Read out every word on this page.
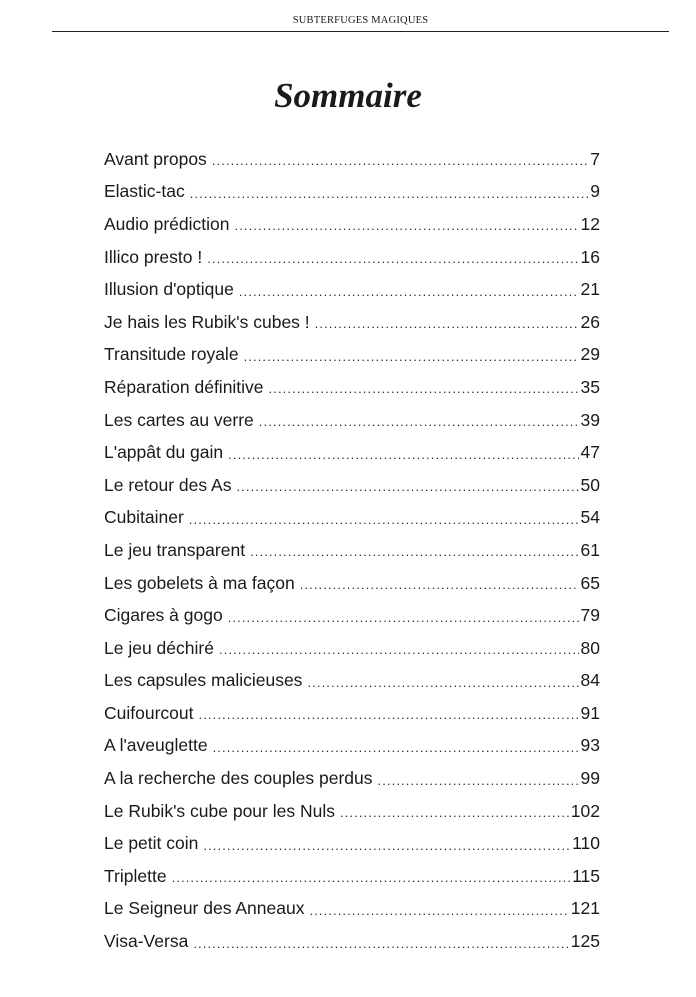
SUBTERFUGES MAGIQUES
Sommaire
Avant propos .....	7
Elastic-tac .....	9
Audio prédiction .....	12
Illico presto ! .....	16
Illusion d'optique .....	21
Je hais les Rubik's cubes ! .....	26
Transitude royale .....	29
Réparation définitive .....	35
Les cartes au verre .....	39
L'appât du gain .....	47
Le retour des As .....	50
Cubitainer .....	54
Le jeu transparent .....	61
Les gobelets à ma façon .....	65
Cigares à gogo .....	79
Le jeu déchiré .....	80
Les capsules malicieuses .....	84
Cuifourcout .....	91
A l'aveuglette .....	93
A la recherche des couples perdus .....	99
Le Rubik's cube pour les Nuls .....	102
Le petit coin .....	110
Triplette .....	115
Le Seigneur des Anneaux .....	121
Visa-Versa .....	125
